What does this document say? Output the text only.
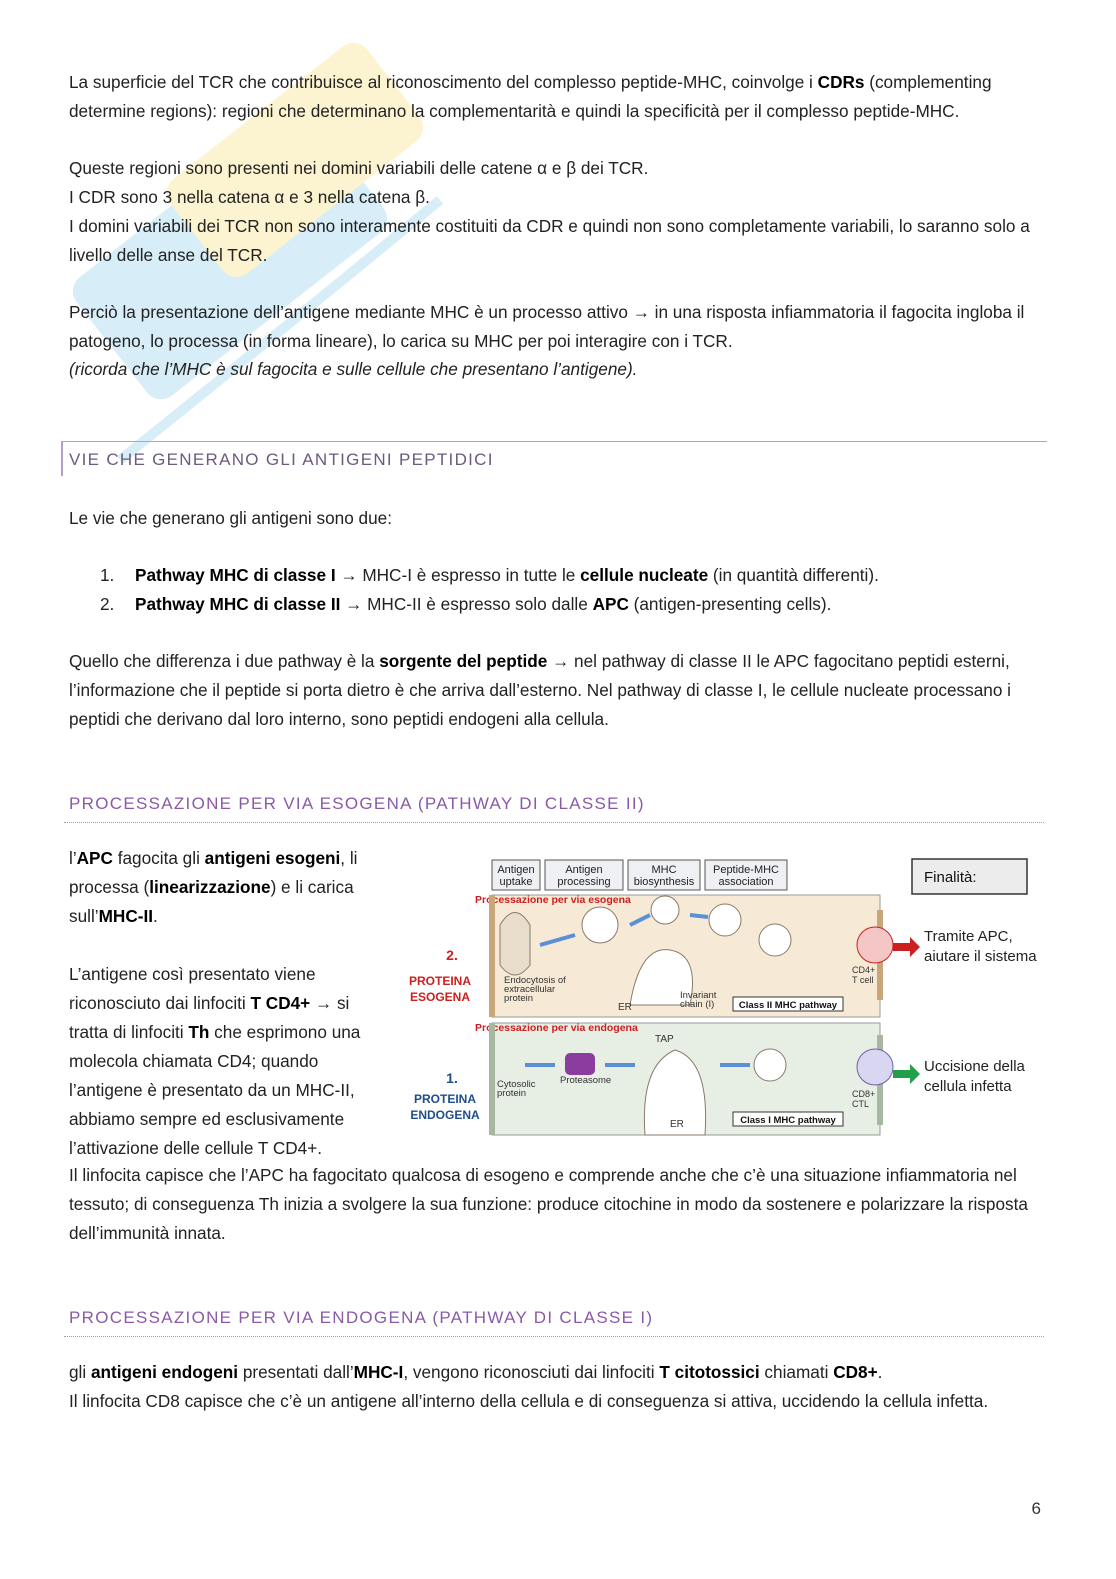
La superficie del TCR che contribuisce al riconoscimento del complesso peptide-MHC, coinvolge i CDRs (complementing determine regions): regioni che determinano la complementarità e quindi la specificità per il complesso peptide-MHC.

Queste regioni sono presenti nei domini variabili delle catene α e β dei TCR.

I CDR sono 3 nella catena α e 3 nella catena β.

I domini variabili dei TCR non sono interamente costituiti da CDR e quindi non sono completamente variabili, lo saranno solo a livello delle anse del TCR.

Perciò la presentazione dell’antigene mediante MHC è un processo attivo → in una risposta infiammatoria il fagocita ingloba il patogeno, lo processa (in forma lineare), lo carica su MHC per poi interagire con i TCR.

(ricorda che l’MHC è sul fagocita e sulle cellule che presentano l’antigene).

VIE CHE GENERANO GLI ANTIGENI PEPTIDICI

Le vie che generano gli antigeni sono due:

1. Pathway MHC di classe I → MHC-I è espresso in tutte le cellule nucleate (in quantità differenti).
2. Pathway MHC di classe II → MHC-II è espresso solo dalle APC (antigen-presenting cells).

Quello che differenza i due pathway è la sorgente del peptide → nel pathway di classe II le APC fagocitano peptidi esterni, l’informazione che il peptide si porta dietro è che arriva dall’esterno. Nel pathway di classe I, le cellule nucleate processano i peptidi che derivano dal loro interno, sono peptidi endogeni alla cellula.

PROCESSAZIONE PER VIA ESOGENA (PATHWAY DI CLASSE II)

l’APC fagocita gli antigeni esogeni, li processa (linearizzazione) e li carica sull’MHC-II.
L’antigene così presentato viene riconosciuto dai linfociti T CD4+ → si tratta di linfociti Th che esprimono una molecola chiamata CD4; quando l’antigene è presentato da un MHC-II, abbiamo sempre ed esclusivamente l’attivazione delle cellule T CD4+.
Antigen
uptake
Antigen
processing
MHC
biosynthesis
Peptide-MHC
association	Finalità:
Processazione per via esogena
2.
PROTEINA
ESOGENA
Endocytosis of
extracellular
protein
ER
Invariant
chain (I)	Class II MHC pathway
CD4+
T cell
Tramite APC,
aiutare il sistema
Processazione per via endogena
1.
PROTEINA
ENDOGENA
TAP
Cytosolic
protein
Proteasome
ER	Class I MHC pathway
CD8+
CTL
Uccisione della
cellula infetta

Il linfocita capisce che l’APC ha fagocitato qualcosa di esogeno e comprende anche che c’è una situazione infiammatoria nel tessuto; di conseguenza Th inizia a svolgere la sua funzione: produce citochine in modo da sostenere e polarizzare la risposta dell’immunità innata.

PROCESSAZIONE PER VIA ENDOGENA (PATHWAY DI CLASSE I)

gli antigeni endogeni presentati dall’MHC-I, vengono riconosciuti dai linfociti T citotossici chiamati CD8+.

Il linfocita CD8 capisce che c’è un antigene all’interno della cellula e di conseguenza si attiva, uccidendo la cellula infetta.

6
